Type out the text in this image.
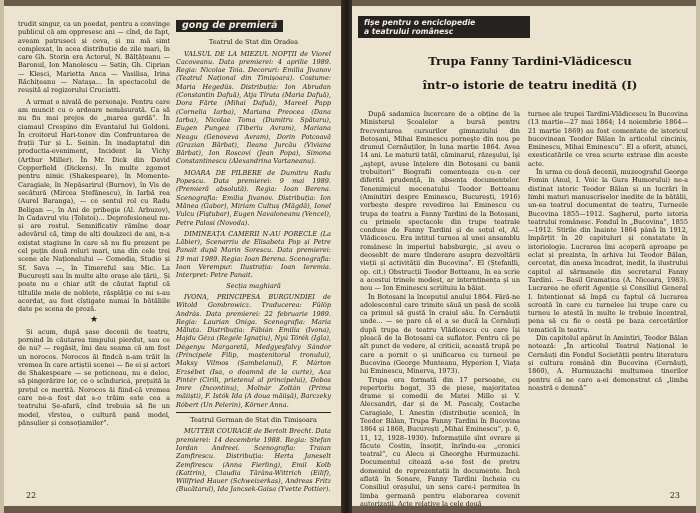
trudit singur, ca un poedat, pentru a convinge publicul că am oppresesc ani — cînd, de fapt, aveam patruseci și ceva, și nu mă simt complexat, în acea distribuție de zile mari, în care Gh. Storin era Actorul, N. Bălțățeanu — Baronul, Ion Manolescu — Satin, Gh. Ciprian — Kleșci, Marietta Anca — Vasilisa, Irina Răchițeanu — Nataşa... În spectacolul de reușită al regizorului Cruciatti.

A urmat o nivală de personaje. Pentru care am muncit cu o ardoare nemăsurată. Ca să nu fiu mai prejos de „marea gardă”. În ciamaul Crespino din Evantaiul lui Goldoni. În croitorul Hari-tonov din Confruntarea de frații Tur și L. Seinin. În inadaptatul din productia-eveniment, Incident la Vichy (Arthur Miller). În Mr. Dick din David Copperfield (Dickens). În multe zgomot pentru nimic (Shakespeare), în Momente-Caragiale, în Nepăsarirul (Burnov), în Vis de secătură (Mircea Ștefănescu), în Iarbă rea (Aurel Baranga), — ce sentul rol cu Radu Beligan —, în Ani de pribegie (Al. Arbuzov), în Cadavrul viu (Tolstoi)... Deprofesioneul nu-și are rostul. Semnificativ rămîne doar adevărul că, timp de alți douăzeci de ani, n-a existat stagiune în care să nu fiu prezent pe cel puțin două roluri mari, una din cele trei scene ale Naționalului — Comedia, Studio și Sf. Sava —, în Timereful sau Mic. La București sau în multe alte orașe ale țării,. Și poate nu e chiar atît de căutat faptul că tiltulile mele de noblețe, răsplăție ce mi s-au acordat, au fost cîștigate numai în bătăliile date pe scena de proză.

★

Și acum, după șase decenii de teatru, pornind în căutarea timpului pierdut, sau ce de nu? — regăsit, îmi dau seama că am fost un norocos. Norocos ăi findcă n-am trăit în vremea în care artiștii scenei — fie ei și actori de Shakespeare — se poticneau, nu e deloc, să pingerărire lor, ce o scînduricá, preţuită la prețul ce merită. Norocos ăi fiind-că vremea care ne-a fost dat s-o trăim este cea a teatrului Șe-afară, cînd trebuia să fie un model, vîrstea, o cultură pană model, pănsulier și consoțiamiler”.

gong de premieră
Teatrul de Stat din Oradea

VALSUL DE LA MIEZUL NOPȚII de Viorel Cacoveanu. Data premierei: 4 aprilie 1989. Regia: Nicolae Toia. Decoruri: Emilia Jivanov (Teatrul Național din Timișoara). Costume: Maria Hegedüs. Distribuția: Ion Abrudan (Constantin Dafuă), Atja Tîruta (Maria Dafuă), Dora Fărte (Mihai Dafuă), Mareel Papp (Cornelia Iarba), Mariana Preocea (Dana Iarba), Nicolae Toma (Dumitru Spătaru), Eugen Pungea (Tiberiu Avram), Mariana Neagu (Genoveva Avram), Dorin Potcoavă (Grazian Bărbat), Ileana Jurcău (Viviana Bărbat), Ion Roscovi (Jean Popa), Simona Constantinescu (Alexandrina Vartaneanu).

MOARA DE PILBERE de Dumitru Radu Popescu. Data premierei: 9 mai 1989. (Premieră absolută). Regia: Ioan Berena. Scenografia: Emilia Jivanov. Distribuția: Ion Mănea (Gabor), Miriam Cultuș (Măgdă), Ionel Vulcu (Fiștubar), Eugen Navaloneanu (Vencel), Petre Palosi (Novoda).

DIMINEAȚA CAMERII N-AU PORECLE (La Lăbier), Scenarriu de Elisabeta Pop și Petre Panait după Marin Sorescu. Data premierei: 19 mai 1989. Regia: Ioan Berena. Scenografia: Ioan Verempur. Ilustrația: Ioan Ieremia. Interpret: Petre Panait.

Secția maghiară

IVONA, PRINCIPESA BURGUNDIEI de Witold Gombrowicz. Traducerea: Fülöp András. Data premierei: 22 februarie 1989. Regia: Laurian Oniga. Scenografia: Maria Măluța. Distribuția: Fábián Emilia (Ivona), Hajdu Géza (Regele Ignațiu), Nyú Törék (Igla), Dégenyu Margaretă, Medgyeșfalvy Sándor (Principele Filip, moștenitorul tronului), Maksy Vilmos (Șambelanul), F. Márton Erzsébet (Isa, o doamnă de la curte), Aca Pintér (Cirili, prietenul al principelui), Dobos Imre (Incontinu), Molnár Zoltán (Prima măiiști), F. Istók Ida (A doua măiișă), Barczeky Róbert (Un Pelerin), Körner Anna.

Teatrul German de Stat din Timișoara

MUTTER COURAGE de Bertolt Brecht. Data premierei: 14 decembrie 1988. Regia: Ștefan Iordan Andreei. Scenografia: Traian Zamfirescu. Distribuția: Herta Janeselt Zemfirescu (Anna Fierling), Emil Kolb (Kattrin), Claudia Tărâna-Wittrich (Eilif), Willfried Hauer (Schweizerkas), Andreas Fritz (Bucătarul), Ida Jancsek-Gaisa (Yvette Pottier).

22
fișe pentru o enciclopedie
a teatrului românesc
Trupa Fanny Tardini-Vlădicescu
într-o istorie de teatru inedită (I)

După sadamica încercare de a obține de la Ministerul Școalelor a bursă pentru frecventarea cursurilor gimnaziului din Botoșani, Mihai Eminescu porneşte din nou pe drumul Cernăuților, în luna martie 1864. Avea 14 ani. Le maturii tatăl, căminarul, răzeşului, îşi „aştept, avuse înțelere din Botoșani cu banii trebuitori” Biografii comenteaza cu-n cer diferită prudență, în absența documentelor. Tenenimicul mecenatului Teodor Botteanu (Aminitiri despre Eminescu, București, 1916) vorbește despre revedirea lui Eminescu cu trupa de teatru a Fanny Tardini de la Botoșani, cu primele spectacole din trupe teatrale conduse de Fanny Tardini și de soțul el, Al. Vlădicescu. Era intitul turnea al unei ansamblu românesc în imperiul habsburgic, „și aveu o deoseblt de mare tînderare asupra dezvoltării vieții și activității din Bucovina”. El (Ștefanlli, op. cit.) Obstrucții Teodor Botteanu, în ea scrie a acestui trinele modest, ar interntinența și un nou — Ion Eminescu scriituiu la băiat.

În Botoșani la începutul anului 1864. Fără-ne adolescentul care trimite săuă un pasă de scolă ca primul să gustă în craiul său. În Cernăuții unde... — se pare că el a se ducă la Cernăuți după trupa de teatru Vlădicescu cu care își pleacă de la Botoșani ca suflator. Pentru că pe alt punct de vedere, al criticii, această trupă pe care a pornit o și unificarea cu turneul pe Bucovina (George Munteanu, Hyperion I, Viața lui Eminescu, Minerva, 1973).

Trupa era formată din 17 persoane, cu repertoriu bogat, 35 de piese, majoritatea drame și comedii de Matei Millo și V. Alecsandri, dar și de M. Pascaly, Costache Caragiale, I. Anestin (distribuție scenică, în Teodor Bâlan, Trupa Fanny Tardini în Bucovina 1864 și 1868, București „Mihai Eminescu”, p. 6, 11, 12, 1928–1930). Informațiile sînt ovrare și făcute Costin, însoțit, înrîndu-ea „cronici teatral”, cu Alecu și Gheorghe Hurmuzachi. Documentul citează a-se fost de pretru domeniul de reprezentații în documente. Încă aflată în Sonare, Fanny Tardini încheia cu Consiliul orașului, un sens care-i permitea în limba germană pentru elaborarea covenit autorizații. Acte relative la cele două

turnee ale trupei Tardini-Vlădicescu în Bucovina (13 martie—27 mai 1864; 14 noiembrie 1864—21 martie 1869) au fost comentate de istoricul bucovinean Teodor Bălan în articolul cincinis, Eminescu, Mihai Eminescu”. El a oferit, atunci, exesticatările ce vrea scurte extrase din aceste acte.

În urma cu două decenii, muzeograful George Fomin (Anul, I. Voic la Gura Humorului) ne-a distinat istoric Teodor Bălan și un lucrări în limbi maturi manuscriselor inedite de la bătălii, un-ea teatrul documentat de teatru, Turneele Bucovina 1855—1912. Sagherul, parte istoria teatrului românesc. Fondul în „Bucovina”, 1855—1912. Stirile din înainte 1864 până în 1912, împărțit în 20 capituluri și constatate în istoriologie. Lucrarea îmi acoperă aproape pe eclat și prezinta, în arhiva lui Teodor Bălan, cercetat, din anexa încadrat, inedit, la ilustrului capitol al sărmanele din secretarul Fanny Tardini. — Basil Gramatica (A. Nicoara, 1983). Lucrarea ne oferit Agenție și Consiliul General I. Intenționat să împă cu faptul că lucrarea scroată în care cu turnelee lui trupe care cu turneu le atestă în multe le trebuie încentral, pena să cu fie o cestă pe baza cercetărilor tematică în teatru.

Din capitolul apărut în Amintiri, Teodor Bălan notează: „În articolul Teatrul Național le Cernăuți din Fondul Societății pentru literatura și cultura română din Bucovina (Cernăuți, 1860), A. Hurmuzachi mulțumea tinerilor pentru că ne caro a-ei demonstrat că „limba noastră e demnă”

23
